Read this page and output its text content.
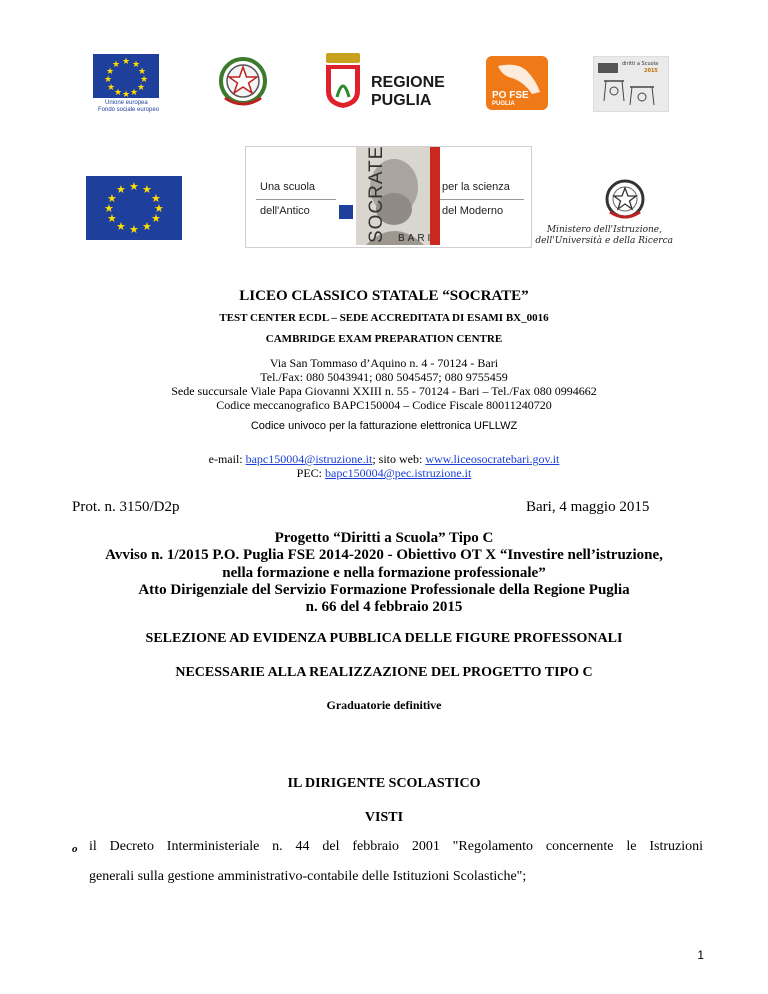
★ ★
★
★
★
★
★
★
★
★
★
★
Unione europea
Fondo sociale europeo
REGIONE
PUGLIA	PO FSE
PUGLIA
diritti a Scuola
2015
★ ★
★
★
★
★
★
★
★
★
★
★	Una scuola
dell'Antico
per la scienza
del Moderno
SOCRATE BARI
Ministero dell'Istruzione,
dell'Università e della Ricerca
LICEO CLASSICO STATALE “SOCRATE”
TEST CENTER ECDL – SEDE ACCREDITATA DI ESAMI BX_0016
CAMBRIDGE EXAM PREPARATION CENTRE
Via San Tommaso d’Aquino n. 4 - 70124 - Bari
Tel./Fax: 080 5043941; 080 5045457; 080 9755459
Sede succursale Viale Papa Giovanni XXIII n. 55 - 70124 - Bari – Tel./Fax 080 0994662
Codice meccanografico BAPC150004 – Codice Fiscale 80011240720
Codice univoco per la fatturazione elettronica UFLLWZ
e-mail: bapc150004@istruzione.it; sito web: www.liceosocratebari.gov.it
PEC: bapc150004@pec.istruzione.it
Prot. n. 3150/D2p	Bari, 4 maggio 2015
Progetto “Diritti a Scuola” Tipo C
Avviso n. 1/2015 P.O. Puglia FSE 2014-2020 - Obiettivo OT X “Investire nell’istruzione,
nella formazione e nella formazione professionale”
Atto Dirigenziale del Servizio Formazione Professionale della Regione Puglia
n. 66 del 4 febbraio 2015
SELEZIONE AD EVIDENZA PUBBLICA DELLE FIGURE PROFESSONALI
NECESSARIE ALLA REALIZZAZIONE DEL PROGETTO TIPO C
Graduatorie definitive
IL DIRIGENTE SCOLASTICO
VISTI
o il Decreto Interministeriale n. 44 del febbraio 2001 "Regolamento concernente le Istruzioni
generali sulla gestione amministrativo-contabile delle Istituzioni Scolastiche";
1
